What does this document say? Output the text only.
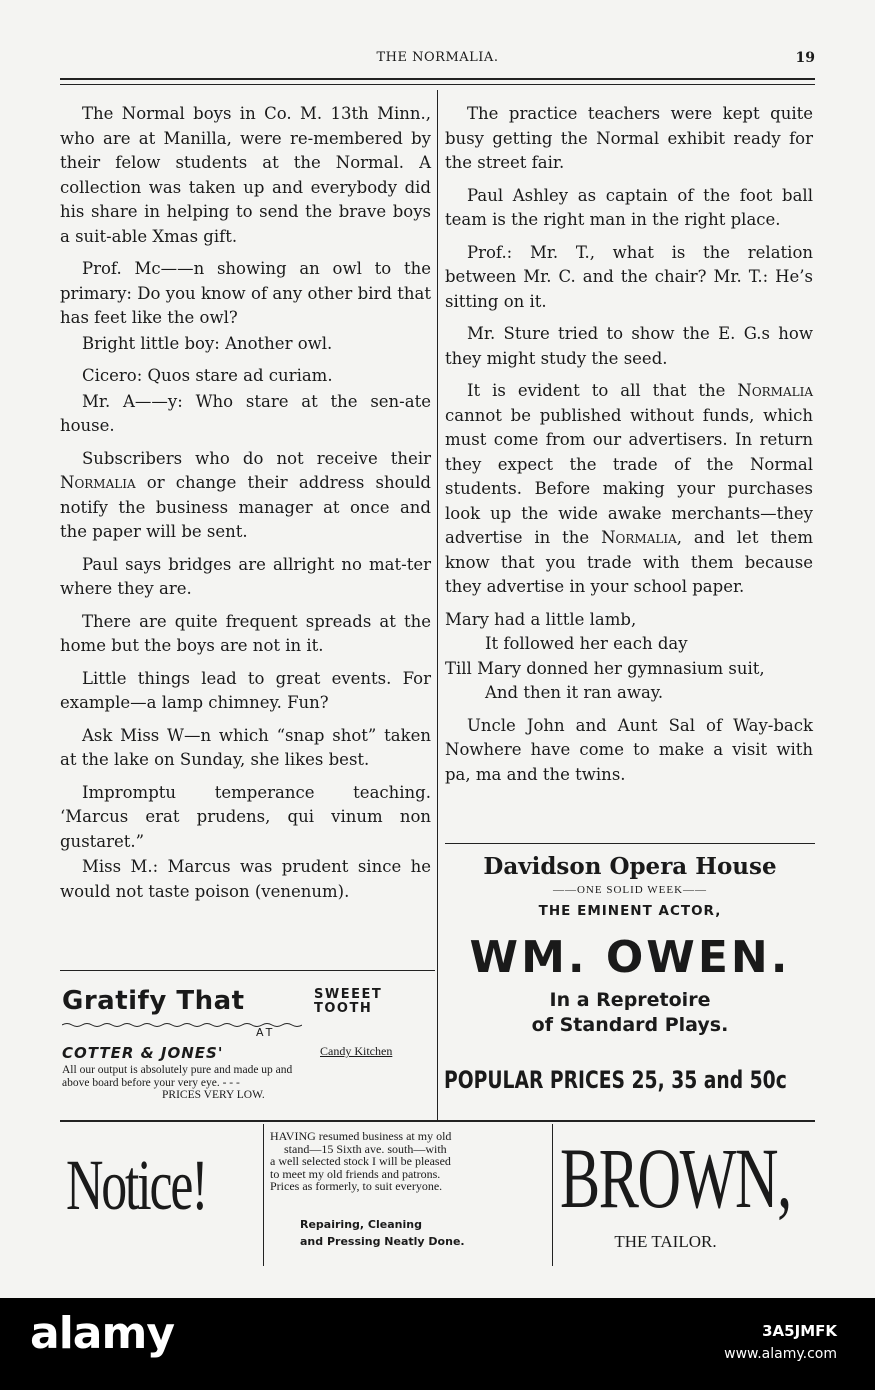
THE NORMALIA.	19

The Normal boys in Co. M. 13th Minn., who are at Manilla, were re-membered by their felow students at the Normal. A collection was taken up and everybody did his share in helping to send the brave boys a suit-able Xmas gift.

Prof. Mc——n showing an owl to the primary: Do you know of any other bird that has feet like the owl?

Bright little boy: Another owl.

Cicero: Quos stare ad curiam.

Mr. A——y: Who stare at the sen-ate house.

Subscribers who do not receive their Normalia or change their address should notify the business manager at once and the paper will be sent.

Paul says bridges are allright no mat-ter where they are.

There are quite frequent spreads at the home but the boys are not in it.

Little things lead to great events. For example—a lamp chimney. Fun?

Ask Miss W—n which “snap shot” taken at the lake on Sunday, she likes best.

Impromptu temperance teaching. ‘Marcus erat prudens, qui vinum non gustaret.”

Miss M.: Marcus was prudent since he would not taste poison (venenum).

The practice teachers were kept quite busy getting the Normal exhibit ready for the street fair.

Paul Ashley as captain of the foot ball team is the right man in the right place.

Prof.: Mr. T., what is the relation between Mr. C. and the chair? Mr. T.: He’s sitting on it.

Mr. Sture tried to show the E. G.s how they might study the seed.

It is evident to all that the Normalia cannot be published without funds, which must come from our advertisers. In return they expect the trade of the Normal students. Before making your purchases look up the wide awake merchants—they advertise in the Normalia, and let them know that you trade with them because they advertise in your school paper.

Mary had a little lamb,
It followed her each day
Till Mary donned her gymnasium suit,
And then it ran away.

Uncle John and Aunt Sal of Way-back Nowhere have come to make a visit with pa, ma and the twins.

Gratify That	SWEEET
TOOTH
AT
COTTER & JONES'	Candy Kitchen
All our output is absolutely pure and made up and
above board before your very eye. - - -
PRICES VERY LOW.
Davidson Opera House
——ONE SOLID WEEK——
THE EMINENT ACTOR,
WM. OWEN.
In a Repretoire
of Standard Plays.
POPULAR PRICES 25, 35 and 50c
Notice!
HAVING resumed business at my old
stand—15 Sixth ave. south—with
a well selected stock I will be pleased
to meet my old friends and patrons.
Prices as formerly, to suit everyone.
Repairing, Cleaning
and Pressing Neatly Done.
BROWN,
THE TAILOR.
alamy	3A5JMFK
www.alamy.com
